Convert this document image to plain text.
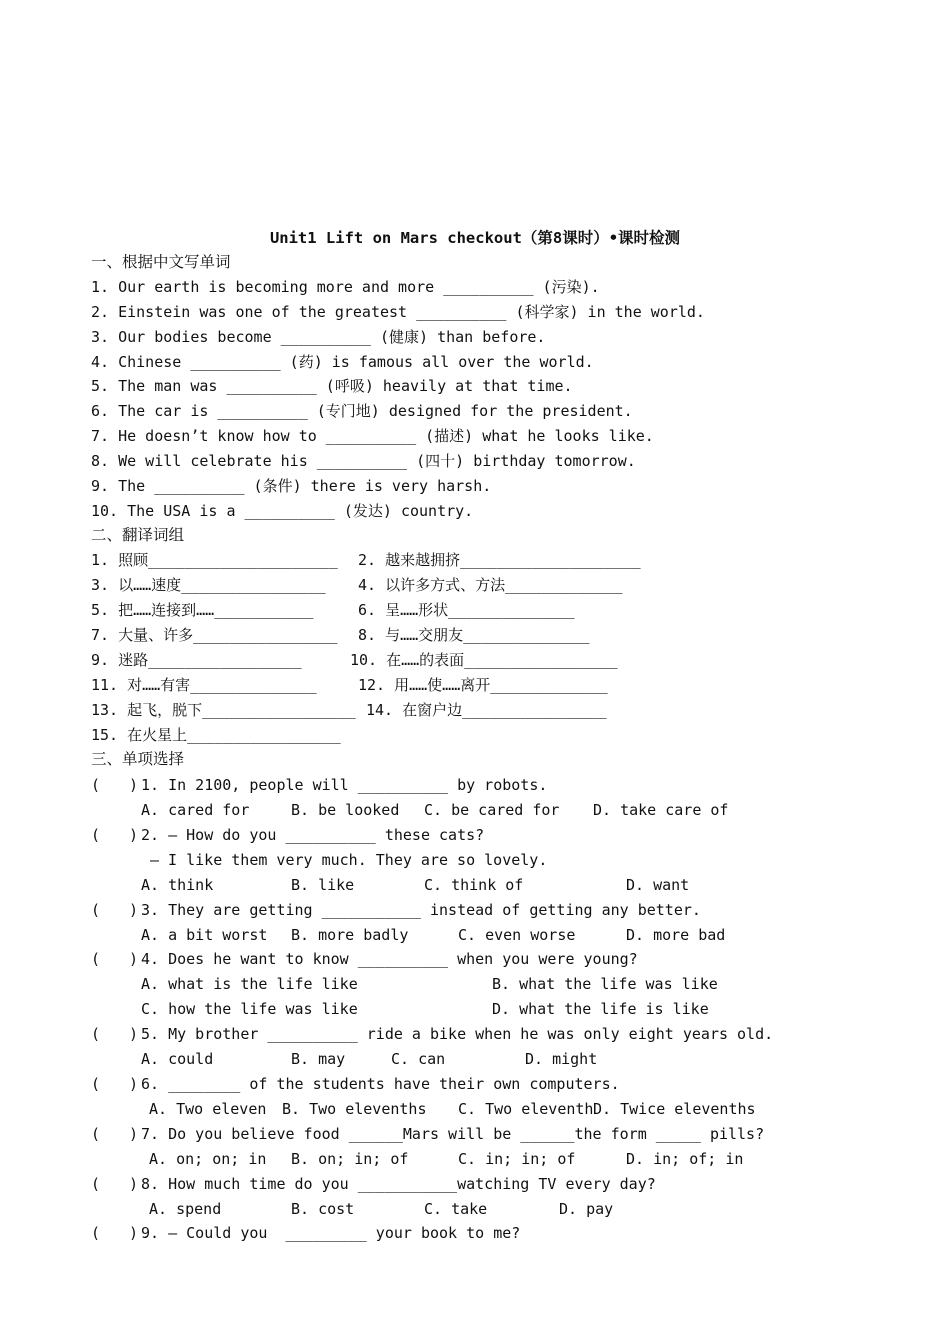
Unit1 Lift on Mars checkout（第8课时）•课时检测
一、根据中文写单词
1. Our earth is becoming more and more __________ (污染).
2. Einstein was one of the greatest __________ (科学家) in the world.
3. Our bodies become __________ (健康) than before.
4. Chinese __________ (药) is famous all over the world.
5. The man was __________ (呼吸) heavily at that time.
6. The car is __________ (专门地) designed for the president.
7. He doesn’t know how to __________ (描述) what he looks like.
8. We will celebrate his __________ (四十) birthday tomorrow.
9. The __________ (条件) there is very harsh.
10. The USA is a __________ (发达) country.
二、翻译词组
1. 照顾_____________________ 2. 越来越拥挤____________________
3. 以……速度________________ 4. 以许多方式、方法_____________
5. 把……连接到……___________	6. 呈……形状______________
7. 大量、许多________________ 8. 与……交朋友______________
9. 迷路_________________	10. 在……的表面_________________
11. 对……有害______________	12. 用……使……离开_____________
13. 起飞，脱下_________________ 14. 在窗户边________________
15. 在火星上_________________
三、单项选择
( ) 1. In 2100, people will __________ by robots.
A. cared for	B. be looked C. be cared for D. take care of
( ) 2. — How do you __________ these cats?
— I like them very much. They are so lovely.
A. think	B. like	C. think of	D. want
( ) 3. They are getting ___________ instead of getting any better.
A. a bit worst B. more badly	C. even worse	D. more bad
( ) 4. Does he want to know __________ when you were young?
A. what is the life like	B. what the life was like
C. how the life was like	D. what the life is like
( ) 5. My brother __________ ride a bike when he was only eight years old.
A. could	B. may	C. can	D. might
( ) 6. ________ of the students have their own computers.
A. Two eleven B. Two elevenths C. Two eleventh D. Twice elevenths
( ) 7. Do you believe food ______Mars will be ______the form _____ pills?
A. on; on; in B. on; in; of	C. in; in; of	D. in; of; in
( ) 8. How much time do you ___________watching TV every day?
A. spend	B. cost	C. take	D. pay
( ) 9. — Could you  _________ your book to me?
